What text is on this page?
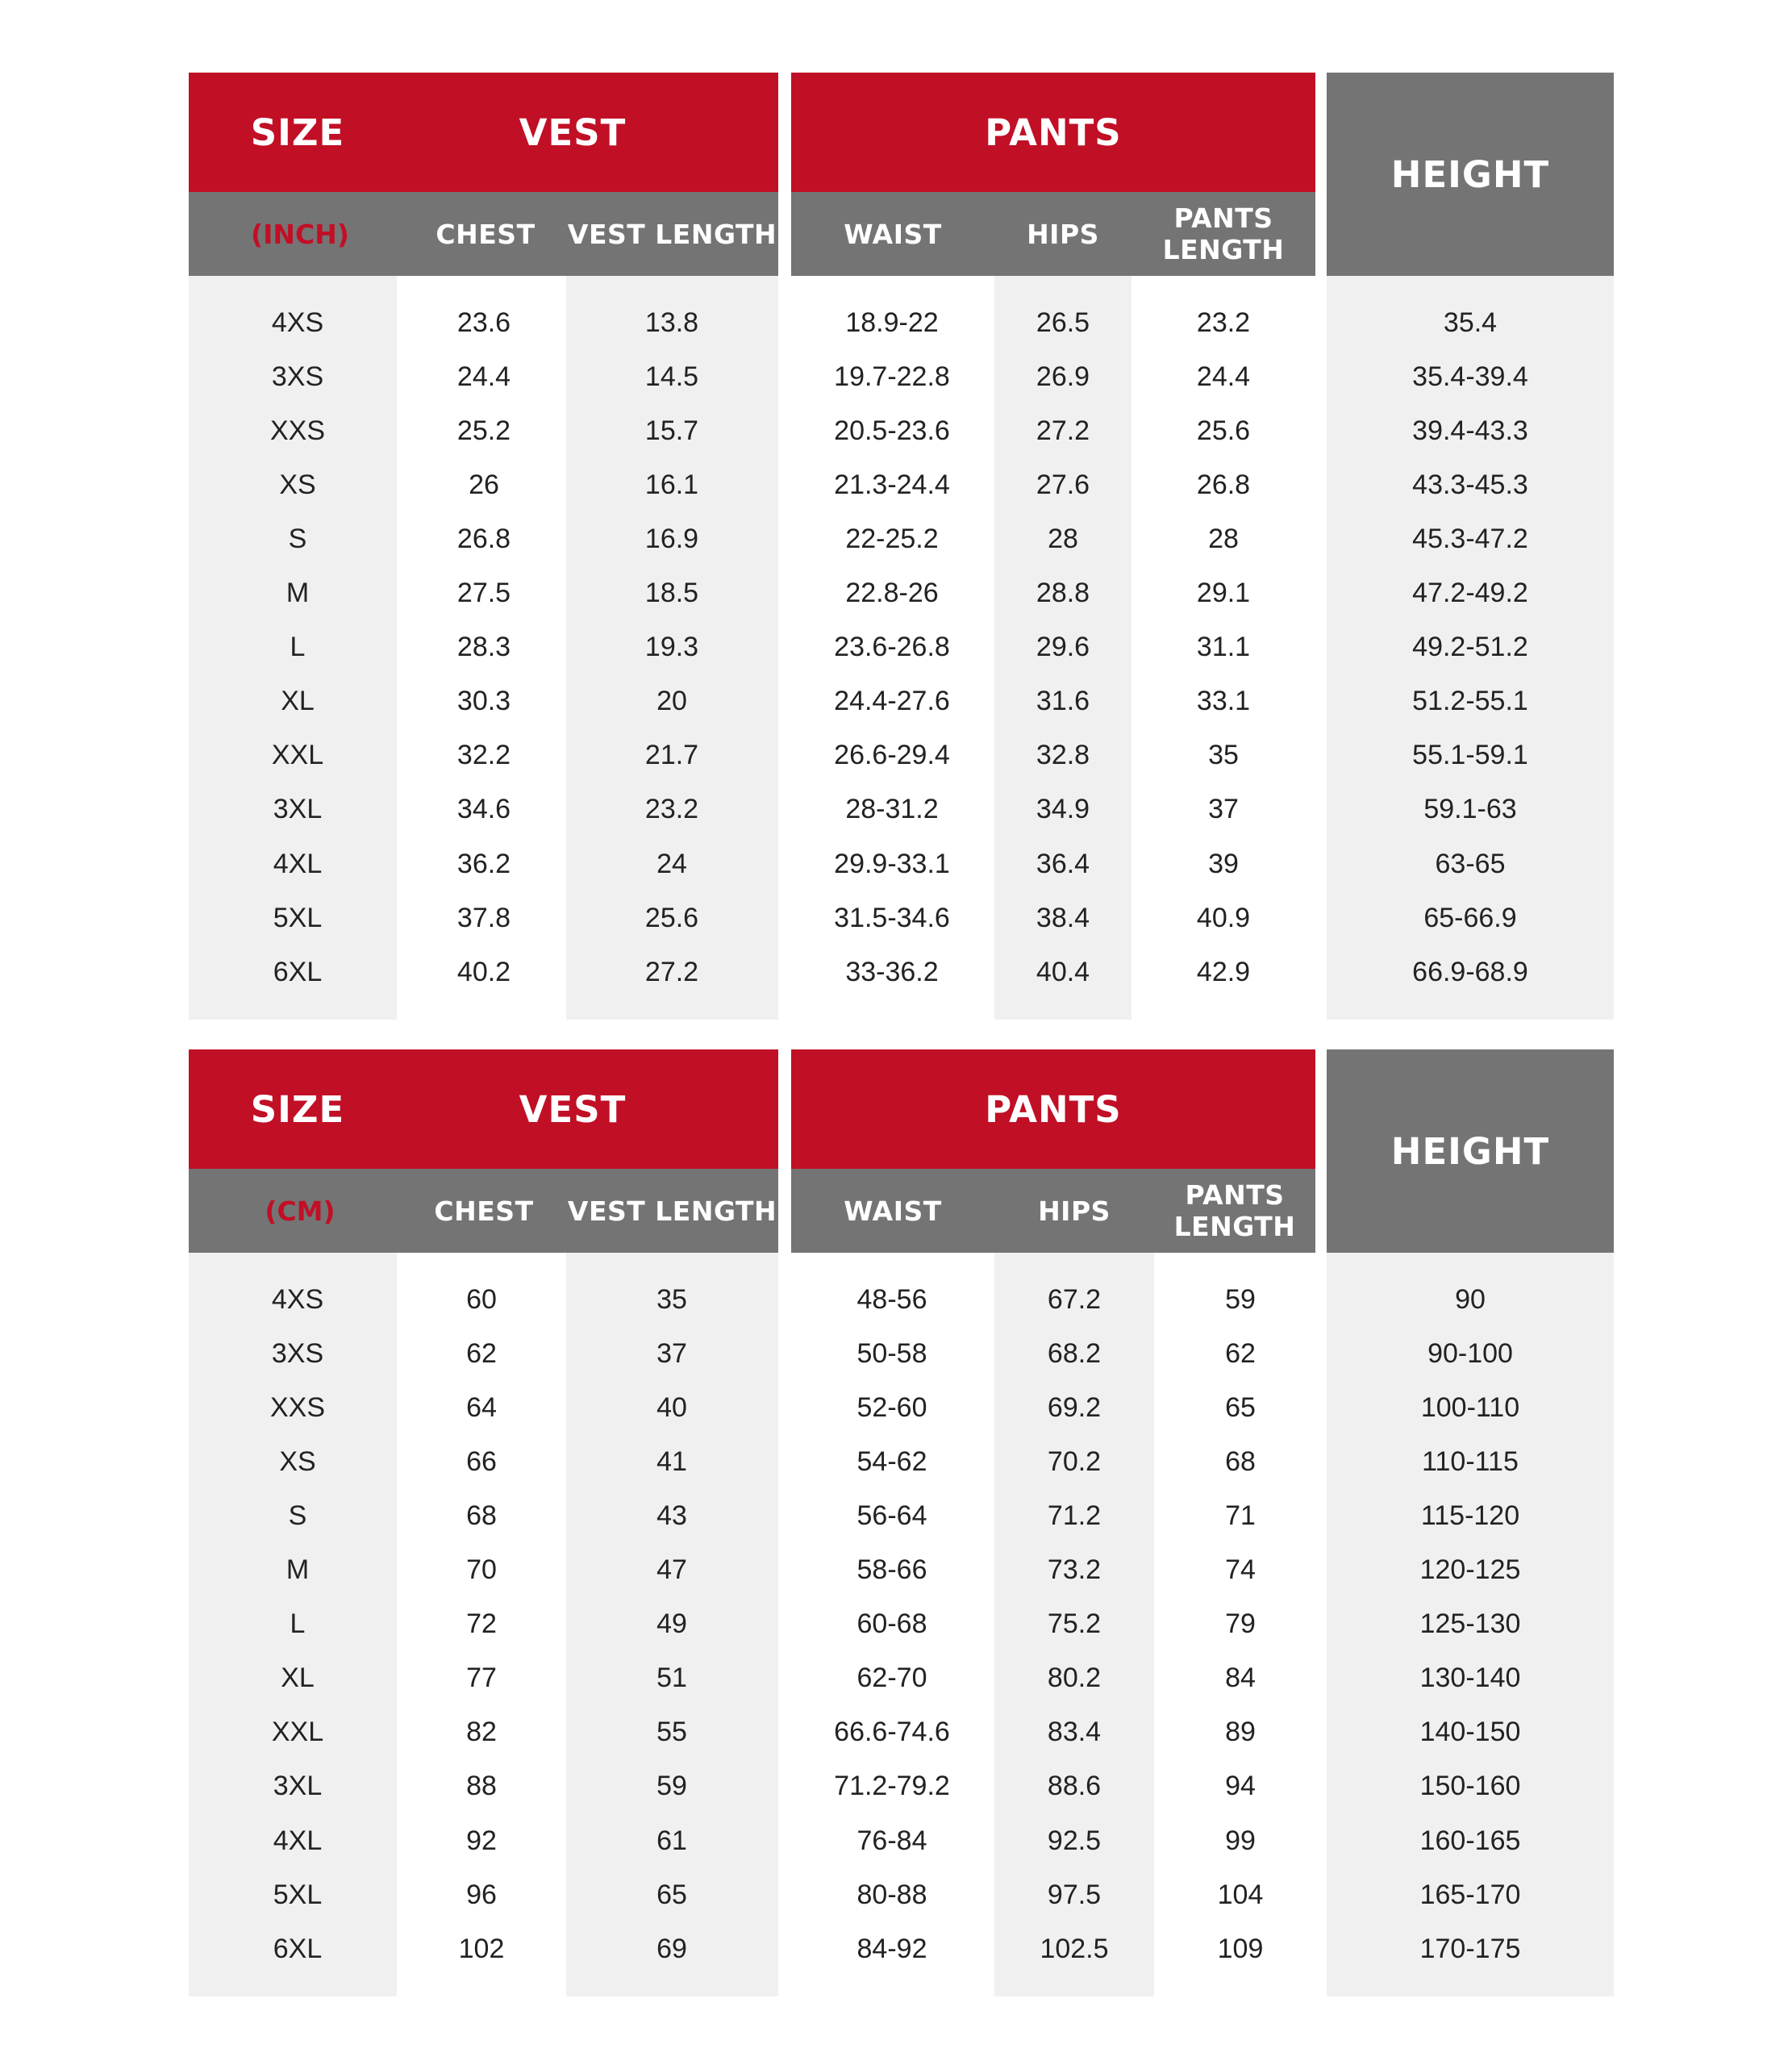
SIZE	VEST	PANTS
HEIGHT
(INCH)	CHEST	VEST LENGTH	WAIST	HIPS	PANTS
LENGTH
4XS	23.6	13.8	18.9-22	26.5	23.2	35.4
3XS	24.4	14.5	19.7-22.8	26.9	24.4	35.4-39.4
XXS	25.2	15.7	20.5-23.6	27.2	25.6	39.4-43.3
XS	26	16.1	21.3-24.4	27.6	26.8	43.3-45.3
S	26.8	16.9	22-25.2	28	28	45.3-47.2
M	27.5	18.5	22.8-26	28.8	29.1	47.2-49.2
L	28.3	19.3	23.6-26.8	29.6	31.1	49.2-51.2
XL	30.3	20	24.4-27.6	31.6	33.1	51.2-55.1
XXL	32.2	21.7	26.6-29.4	32.8	35	55.1-59.1
3XL	34.6	23.2	28-31.2	34.9	37	59.1-63
4XL	36.2	24	29.9-33.1	36.4	39	63-65
5XL	37.8	25.6	31.5-34.6	38.4	40.9	65-66.9
6XL	40.2	27.2	33-36.2	40.4	42.9	66.9-68.9
SIZE	VEST	PANTS
HEIGHT
(CM)	CHEST	VEST LENGTH	WAIST	HIPS	PANTS
LENGTH
4XS	60	35	48-56	67.2	59	90
3XS	62	37	50-58	68.2	62	90-100
XXS	64	40	52-60	69.2	65	100-110
XS	66	41	54-62	70.2	68	110-115
S	68	43	56-64	71.2	71	115-120
M	70	47	58-66	73.2	74	120-125
L	72	49	60-68	75.2	79	125-130
XL	77	51	62-70	80.2	84	130-140
XXL	82	55	66.6-74.6	83.4	89	140-150
3XL	88	59	71.2-79.2	88.6	94	150-160
4XL	92	61	76-84	92.5	99	160-165
5XL	96	65	80-88	97.5	104	165-170
6XL	102	69	84-92	102.5	109	170-175
